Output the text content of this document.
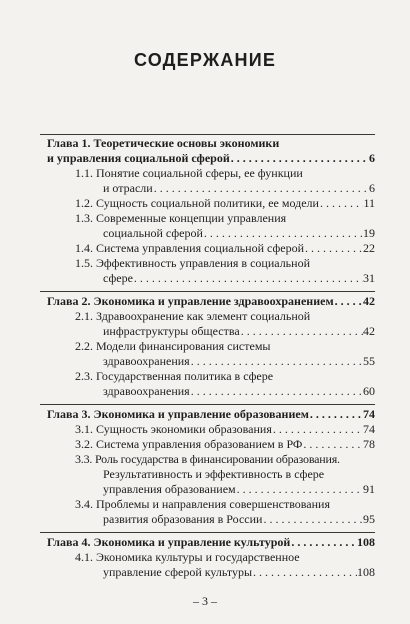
СОДЕРЖАНИЕ
Глава 1. Теоретические основы экономики
и управления социальной сферой . . .	6
1.1. Понятие социальной сферы, ее функции
и отрасли . . .	6
1.2. Сущность социальной политики, ее модели . . .	11
1.3. Современные концепции управления
социальной сферой . . .	19
1.4. Система управления социальной сферой . . .	22
1.5. Эффективность управления в социальной
сфере . . .	31
Глава 2. Экономика и управление здравоохранением . . . 42
2.1. Здравоохранение как элемент социальной
инфраструктуры общества . . .	42
2.2. Модели финансирования системы
здравоохранения . . .	55
2.3. Государственная политика в сфере
здравоохранения . . .	60
Глава 3. Экономика и управление образованием . . .	74
3.1. Сущность экономики образования . . .	74
3.2. Система управления образованием в РФ . . .	78
3.3. Роль государства в финансировании образования.
Результативность и эффективность в сфере
управления образованием . . .	91
3.4. Проблемы и направления совершенствования
развития образования в России . . .	95
Глава 4. Экономика и управление культурой . . .	108
4.1. Экономика культуры и государственное
управление сферой культуры . . .	108
– 3 –
